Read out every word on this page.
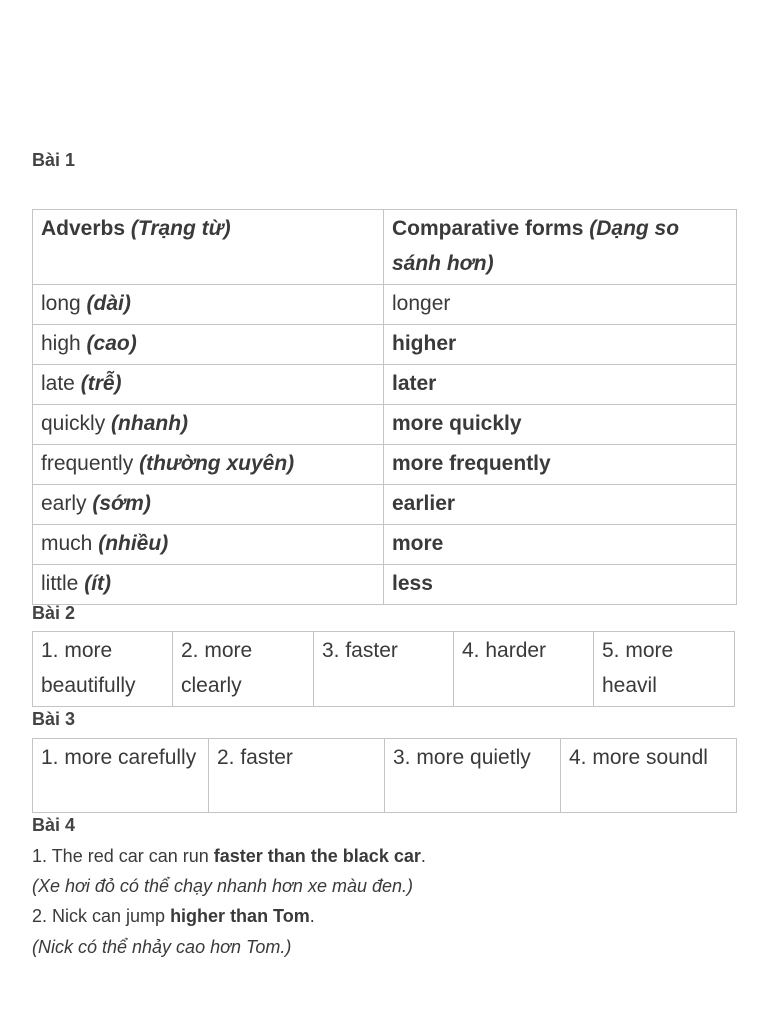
Bài 1
Adverbs (Trạng từ)	Comparative forms (Dạng so sánh hơn)
long (dài)	longer
high (cao)	higher
late (trễ)	later
quickly (nhanh)	more quickly
frequently (thường xuyên)	more frequently
early (sớm)	earlier
much (nhiều)	more
little (ít)	less
Bài 2
1. more beautifully	2. more clearly	3. faster	4. harder	5. more heavil
Bài 3
1. more carefully	2. faster	3. more quietly	4. more soundl
Bài 4

1. The red car can run faster than the black car.

(Xe hơi đỏ có thể chạy nhanh hơn xe màu đen.)

2. Nick can jump higher than Tom.

(Nick có thể nhảy cao hơn Tom.)
